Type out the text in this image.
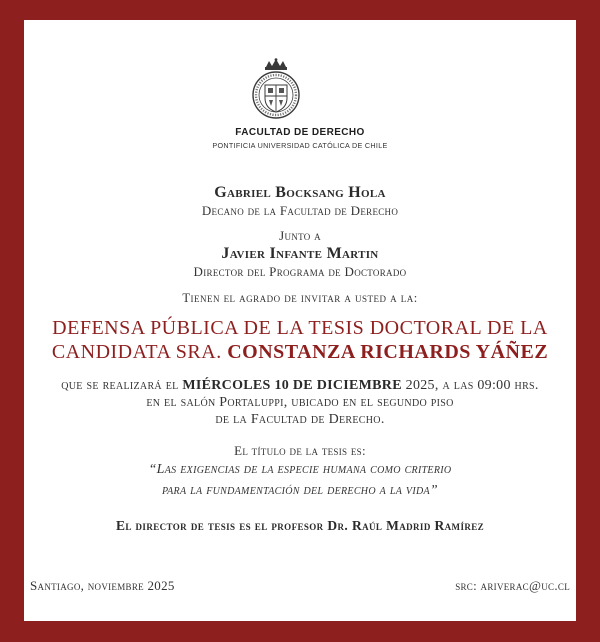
FACULTAD DE DERECHO
PONTIFICIA UNIVERSIDAD CATÓLICA DE CHILE
Gabriel Bocksang Hola
Decano de la Facultad de Derecho
Junto a
Javier Infante Martin
Director del Programa de Doctorado
Tienen el agrado de invitar a usted a la:
DEFENSA PÚBLICA DE LA TESIS DOCTORAL DE LA
CANDIDATA SRA. CONSTANZA RICHARDS YÁÑEZ
que se realizará el MIÉRCOLES 10 DE DICIEMBRE 2025, a las 09:00 hrs.
en el salón Portaluppi, ubicado en el segundo piso
de la Facultad de Derecho.
El título de la tesis es:
“Las exigencias de la especie humana como criterio
para la fundamentación del derecho a la vida”
El director de tesis es el profesor Dr. Raúl Madrid Ramírez
Santiago, noviembre 2025	src: ariverac@uc.cl
